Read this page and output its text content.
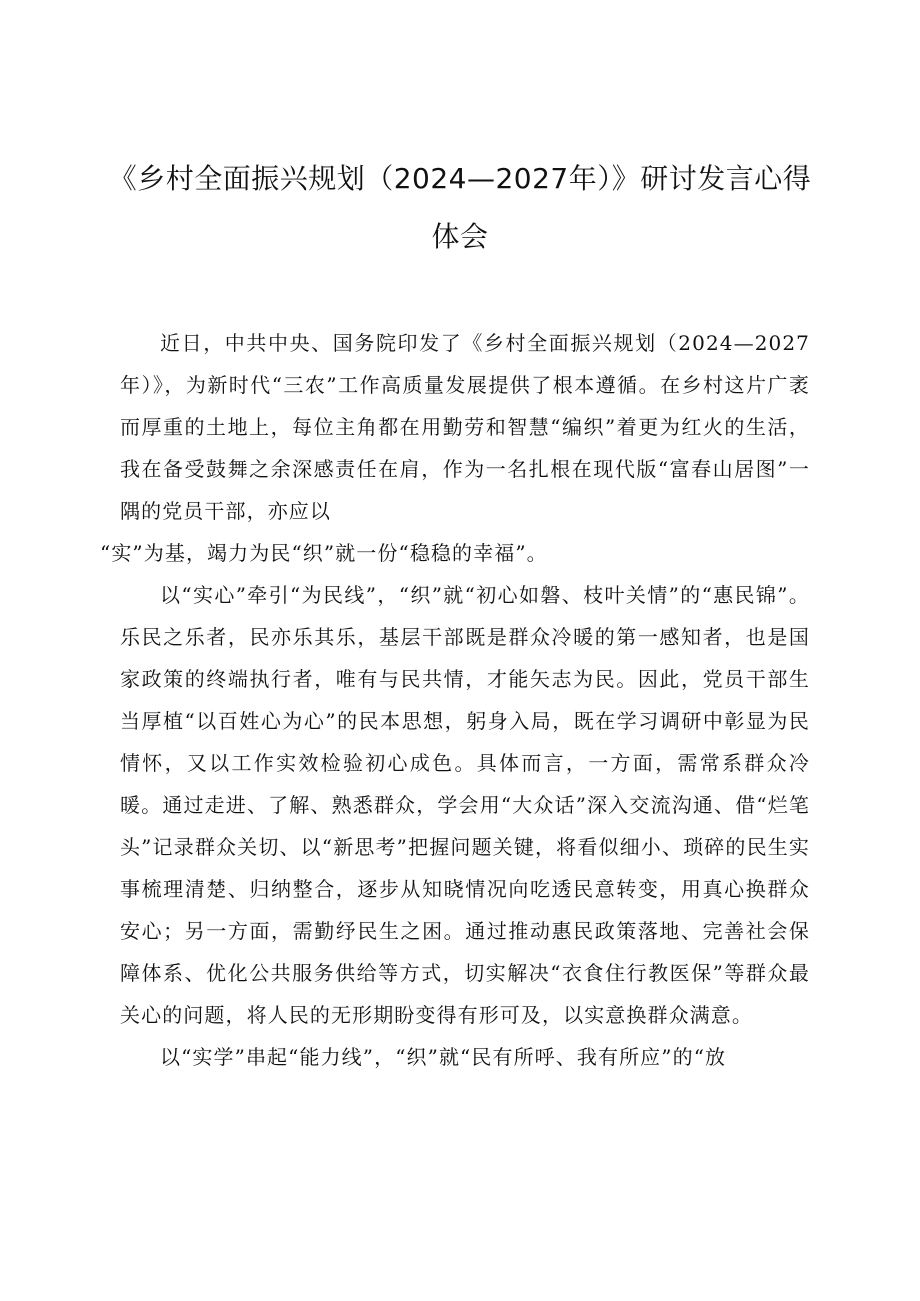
《乡村全面振兴规划（2024—2027年）》研讨发言心得
体会

近日，中共中央、国务院印发了《乡村全面振兴规划（2024—2027年）》，为新时代“三农”工作高质量发展提供了根本遵循。在乡村这片广袤而厚重的土地上，每位主角都在用勤劳和智慧“编织”着更为红火的生活，我在备受鼓舞之余深感责任在肩，作为一名扎根在现代版“富春山居图”一隅的党员干部，亦应以

“实”为基，竭力为民“织”就一份“稳稳的幸福”。

以“实心”牵引“为民线”，“织”就“初心如磐、枝叶关情”的“惠民锦”。乐民之乐者，民亦乐其乐，基层干部既是群众冷暖的第一感知者，也是国家政策的终端执行者，唯有与民共情，才能矢志为民。因此，党员干部生当厚植“以百姓心为心”的民本思想，躬身入局，既在学习调研中彰显为民情怀，又以工作实效检验初心成色。具体而言，一方面，需常系群众冷暖。通过走进、了解、熟悉群众，学会用“大众话”深入交流沟通、借“烂笔头”记录群众关切、以“新思考”把握问题关键，将看似细小、琐碎的民生实事梳理清楚、归纳整合，逐步从知晓情况向吃透民意转变，用真心换群众安心；另一方面，需勤纾民生之困。通过推动惠民政策落地、完善社会保障体系、优化公共服务供给等方式，切实解决“衣食住行教医保”等群众最关心的问题，将人民的无形期盼变得有形可及，以实意换群众满意。

以“实学”串起“能力线”，“织”就“民有所呼、我有所应”的“放
